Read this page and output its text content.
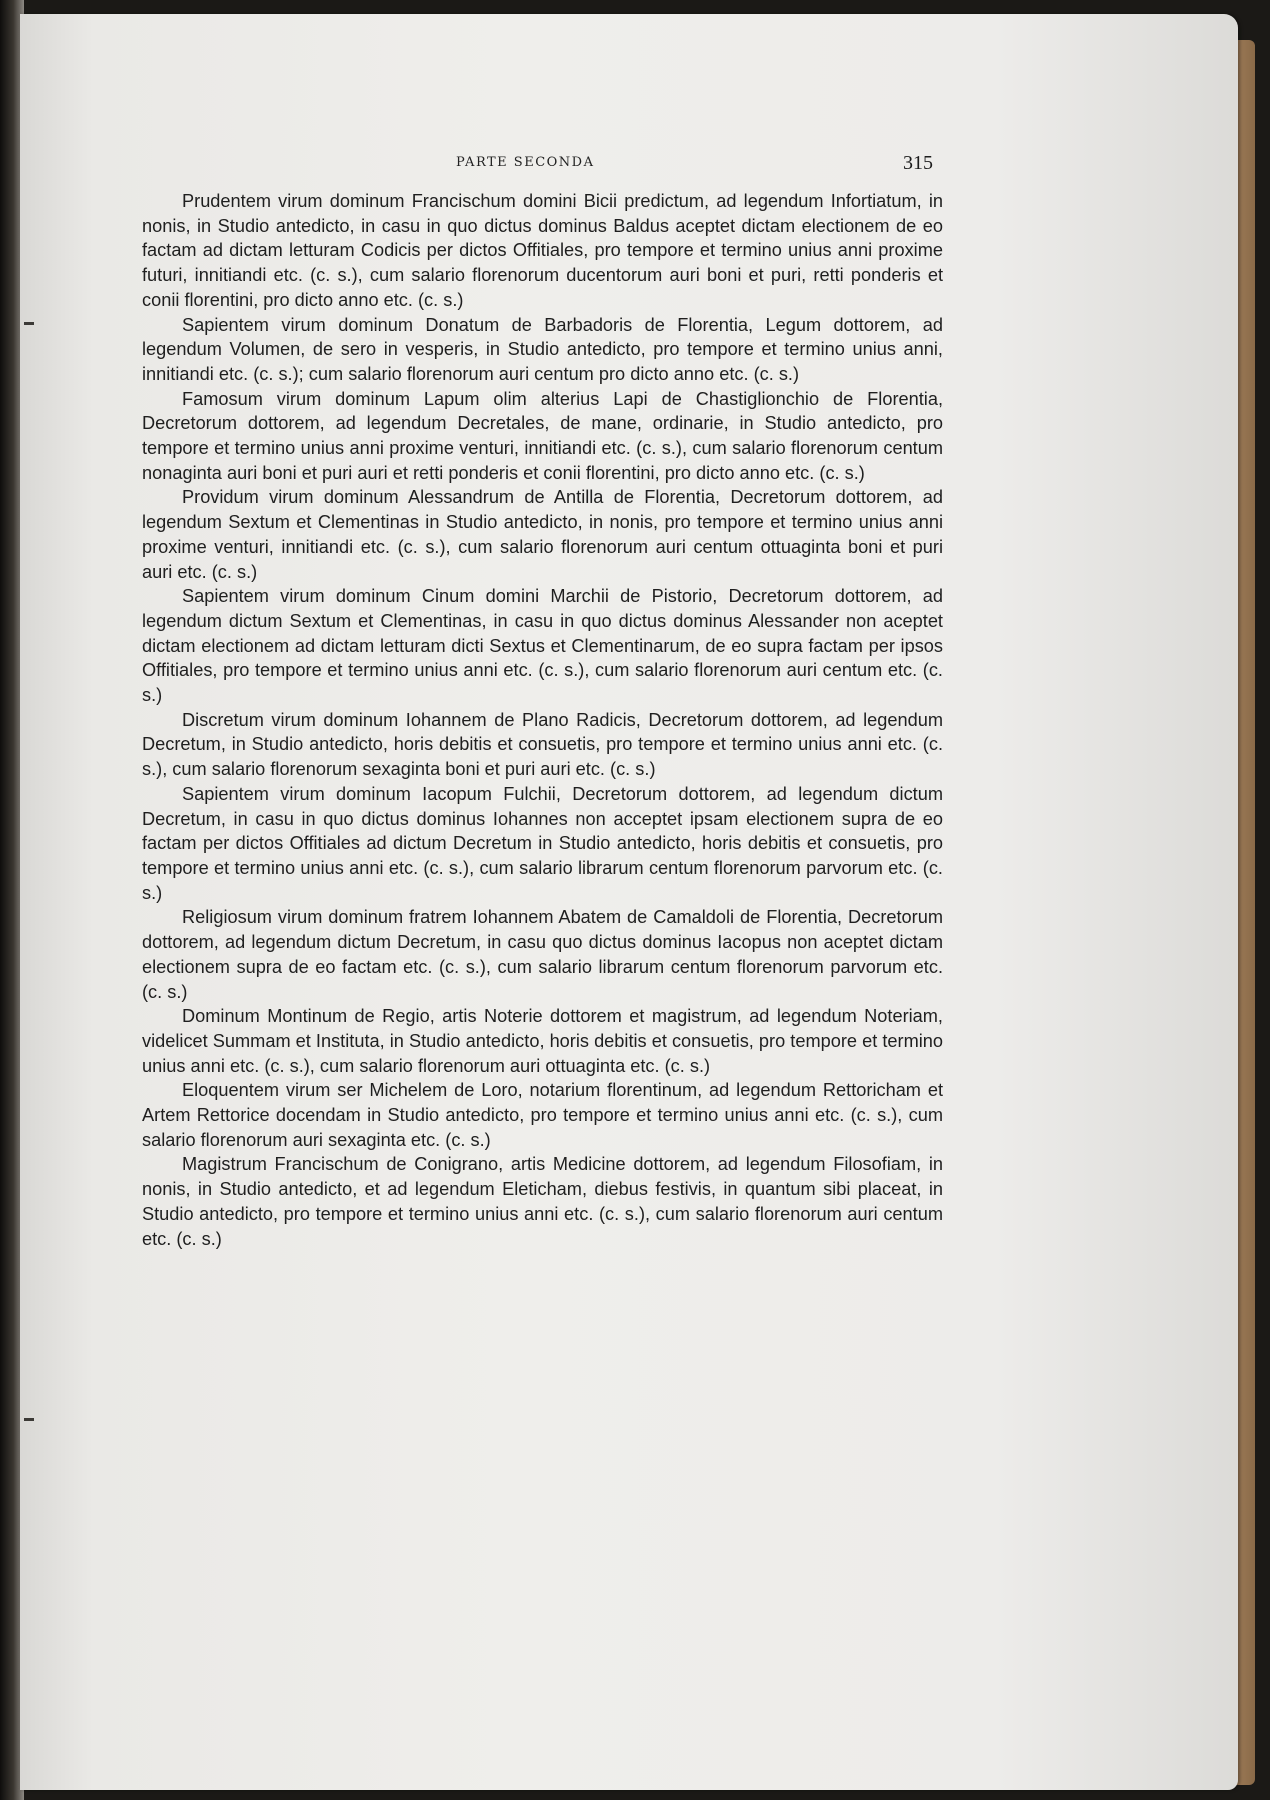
PARTE SECONDA	315

Prudentem virum dominum Francischum domini Bicii predictum, ad legendum Infortiatum, in nonis, in Studio antedicto, in casu in quo dictus dominus Baldus aceptet dictam electionem de eo factam ad dictam letturam Codicis per dictos Offitiales, pro tempore et termino unius anni proxime futuri, innitiandi etc. (c. s.), cum salario florenorum ducentorum auri boni et puri, retti ponderis et conii florentini, pro dicto anno etc. (c. s.)

Sapientem virum dominum Donatum de Barbadoris de Florentia, Legum dottorem, ad legendum Volumen, de sero in vesperis, in Studio antedicto, pro tempore et termino unius anni, innitiandi etc. (c. s.); cum salario florenorum auri centum pro dicto anno etc. (c. s.)

Famosum virum dominum Lapum olim alterius Lapi de Chastiglionchio de Florentia, Decretorum dottorem, ad legendum Decretales, de mane, ordinarie, in Studio antedicto, pro tempore et termino unius anni proxime venturi, innitiandi etc. (c. s.), cum salario florenorum centum nonaginta auri boni et puri auri et retti ponderis et conii florentini, pro dicto anno etc. (c. s.)

Providum virum dominum Alessandrum de Antilla de Florentia, Decretorum dottorem, ad legendum Sextum et Clementinas in Studio antedicto, in nonis, pro tempore et termino unius anni proxime venturi, innitiandi etc. (c. s.), cum salario florenorum auri centum ottuaginta boni et puri auri etc. (c. s.)

Sapientem virum dominum Cinum domini Marchii de Pistorio, Decretorum dottorem, ad legendum dictum Sextum et Clementinas, in casu in quo dictus dominus Alessander non aceptet dictam electionem ad dictam letturam dicti Sextus et Clementinarum, de eo supra factam per ipsos Offitiales, pro tempore et termino unius anni etc. (c. s.), cum salario florenorum auri centum etc. (c. s.)

Discretum virum dominum Iohannem de Plano Radicis, Decretorum dottorem, ad legendum Decretum, in Studio antedicto, horis debitis et consuetis, pro tempore et termino unius anni etc. (c. s.), cum salario florenorum sexaginta boni et puri auri etc. (c. s.)

Sapientem virum dominum Iacopum Fulchii, Decretorum dottorem, ad legendum dictum Decretum, in casu in quo dictus dominus Iohannes non acceptet ipsam electionem supra de eo factam per dictos Offitiales ad dictum Decretum in Studio antedicto, horis debitis et consuetis, pro tempore et termino unius anni etc. (c. s.), cum salario librarum centum florenorum parvorum etc. (c. s.)

Religiosum virum dominum fratrem Iohannem Abatem de Camaldoli de Florentia, Decretorum dottorem, ad legendum dictum Decretum, in casu quo dictus dominus Iacopus non aceptet dictam electionem supra de eo factam etc. (c. s.), cum salario librarum centum florenorum parvorum etc. (c. s.)

Dominum Montinum de Regio, artis Noterie dottorem et magistrum, ad legendum Noteriam, videlicet Summam et Instituta, in Studio antedicto, horis debitis et consuetis, pro tempore et termino unius anni etc. (c. s.), cum salario florenorum auri ottuaginta etc. (c. s.)

Eloquentem virum ser Michelem de Loro, notarium florentinum, ad legendum Rettoricham et Artem Rettorice docendam in Studio antedicto, pro tempore et termino unius anni etc. (c. s.), cum salario florenorum auri sexaginta etc. (c. s.)

Magistrum Francischum de Conigrano, artis Medicine dottorem, ad legendum Filosofiam, in nonis, in Studio antedicto, et ad legendum Eleticham, diebus festivis, in quantum sibi placeat, in Studio antedicto, pro tempore et termino unius anni etc. (c. s.), cum salario florenorum auri centum etc. (c. s.)
